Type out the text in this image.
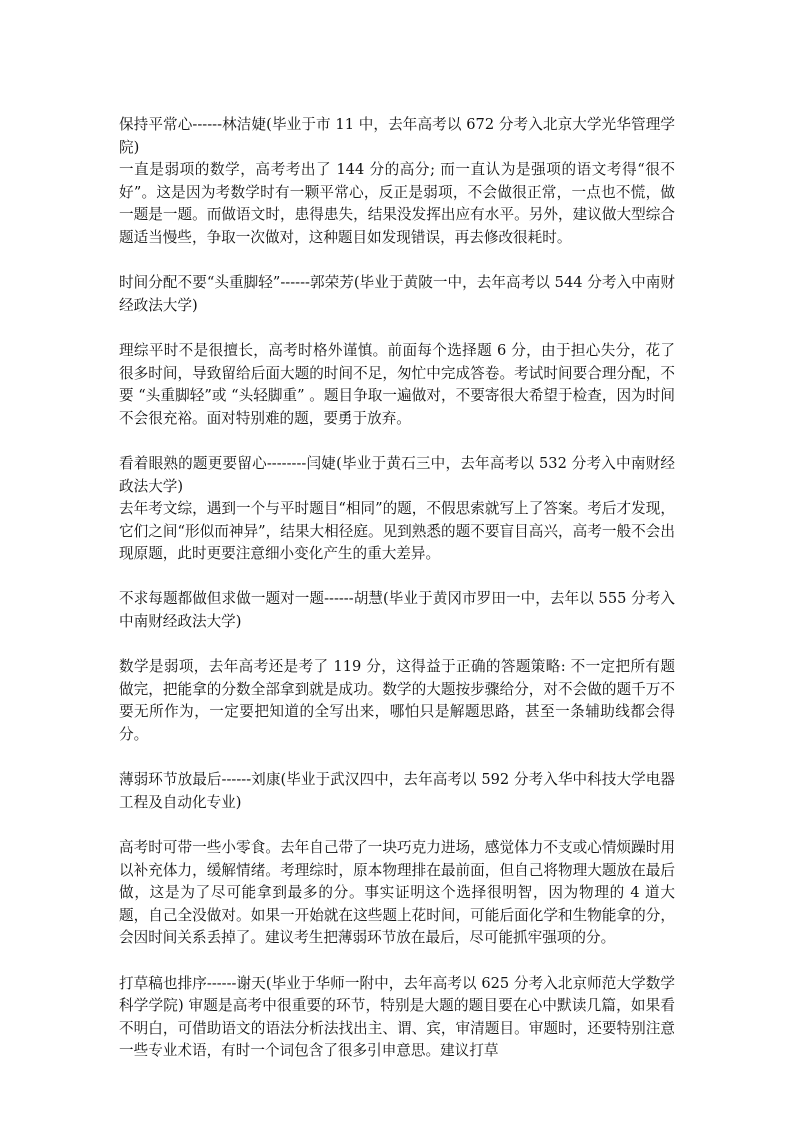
保持平常心------林洁婕(毕业于市 11 中，去年高考以 672 分考入北京大学光华管理学院)

一直是弱项的数学，高考考出了 144 分的高分; 而一直认为是强项的语文考得“很不好”。这是因为考数学时有一颗平常心，反正是弱项，不会做很正常，一点也不慌，做一题是一题。而做语文时，患得患失，结果没发挥出应有水平。另外，建议做大型综合题适当慢些，争取一次做对，这种题目如发现错误，再去修改很耗时。

时间分配不要“头重脚轻”------郭荣芳(毕业于黄陂一中，去年高考以 544 分考入中南财经政法大学)

理综平时不是很擅长，高考时格外谨慎。前面每个选择题 6 分，由于担心失分，花了很多时间，导致留给后面大题的时间不足，匆忙中完成答卷。考试时间要合理分配，不要 “头重脚轻”或 “头轻脚重” 。题目争取一遍做对，不要寄很大希望于检查，因为时间不会很充裕。面对特别难的题，要勇于放弃。

看着眼熟的题更要留心--------闫婕(毕业于黄石三中，去年高考以 532 分考入中南财经政法大学)

去年考文综，遇到一个与平时题目“相同”的题，不假思索就写上了答案。考后才发现，它们之间“形似而神异”，结果大相径庭。见到熟悉的题不要盲目高兴，高考一般不会出现原题，此时更要注意细小变化产生的重大差异。

不求每题都做但求做一题对一题------胡慧(毕业于黄冈市罗田一中，去年以 555 分考入中南财经政法大学)

数学是弱项，去年高考还是考了 119 分，这得益于正确的答题策略: 不一定把所有题做完，把能拿的分数全部拿到就是成功。数学的大题按步骤给分，对不会做的题千万不要无所作为，一定要把知道的全写出来，哪怕只是解题思路，甚至一条辅助线都会得分。

薄弱环节放最后------刘康(毕业于武汉四中，去年高考以 592 分考入华中科技大学电器工程及自动化专业)

高考时可带一些小零食。去年自己带了一块巧克力进场，感觉体力不支或心情烦躁时用以补充体力，缓解情绪。考理综时，原本物理排在最前面，但自己将物理大题放在最后做，这是为了尽可能拿到最多的分。事实证明这个选择很明智，因为物理的 4 道大题，自己全没做对。如果一开始就在这些题上花时间，可能后面化学和生物能拿的分，会因时间关系丢掉了。建议考生把薄弱环节放在最后，尽可能抓牢强项的分。

打草稿也排序------谢天(毕业于华师一附中，去年高考以 625 分考入北京师范大学数学科学学院) 审题是高考中很重要的环节，特别是大题的题目要在心中默读几篇，如果看不明白，可借助语文的语法分析法找出主、谓、宾，审清题目。审题时，还要特别注意一些专业术语，有时一个词包含了很多引申意思。建议打草
